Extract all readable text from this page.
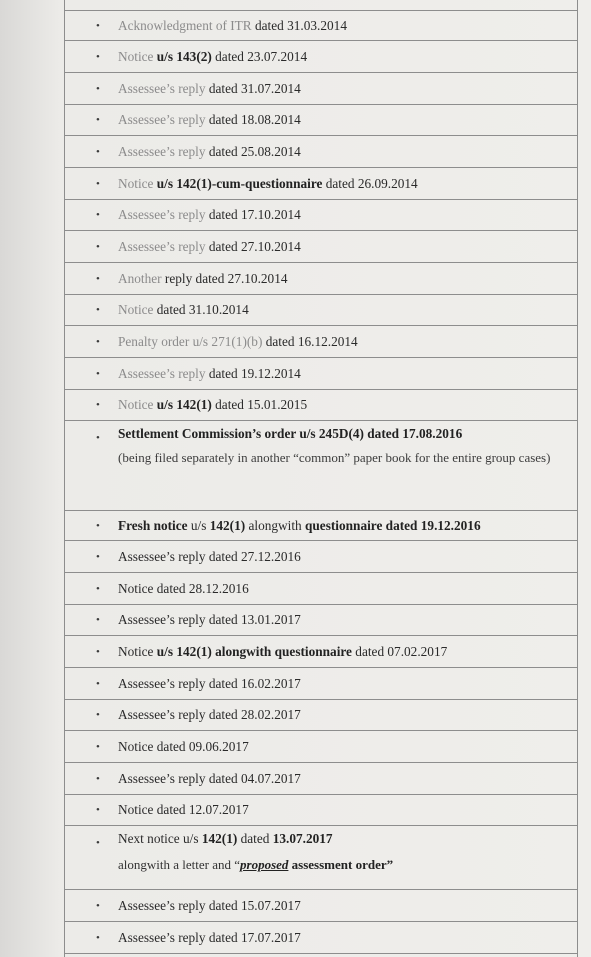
• Acknowledgment of ITR dated 31.03.2014
• Notice u/s 143(2) dated 23.07.2014
• Assessee’s reply dated 31.07.2014
• Assessee’s reply dated 18.08.2014
• Assessee’s reply dated 25.08.2014
• Notice u/s 142(1)-cum-questionnaire dated 26.09.2014
• Assessee’s reply dated 17.10.2014
• Assessee’s reply dated 27.10.2014
• Another reply dated 27.10.2014
• Notice dated 31.10.2014
• Penalty order u/s 271(1)(b) dated 16.12.2014
• Assessee’s reply dated 19.12.2014
• Notice u/s 142(1) dated 15.01.2015
• Settlement Commission’s order u/s 245D(4) dated 17.08.2016
(being filed separately in another “common” paper book for the entire group cases)
• Fresh notice u/s 142(1) alongwith questionnaire dated 19.12.2016
• Assessee’s reply dated 27.12.2016
• Notice dated 28.12.2016
• Assessee’s reply dated 13.01.2017
• Notice u/s 142(1) alongwith questionnaire dated 07.02.2017
• Assessee’s reply dated 16.02.2017
• Assessee’s reply dated 28.02.2017
• Notice dated 09.06.2017
• Assessee’s reply dated 04.07.2017
• Notice dated 12.07.2017
• Next notice u/s 142(1) dated 13.07.2017
alongwith a letter and “proposed assessment order”
• Assessee’s reply dated 15.07.2017
• Assessee’s reply dated 17.07.2017
